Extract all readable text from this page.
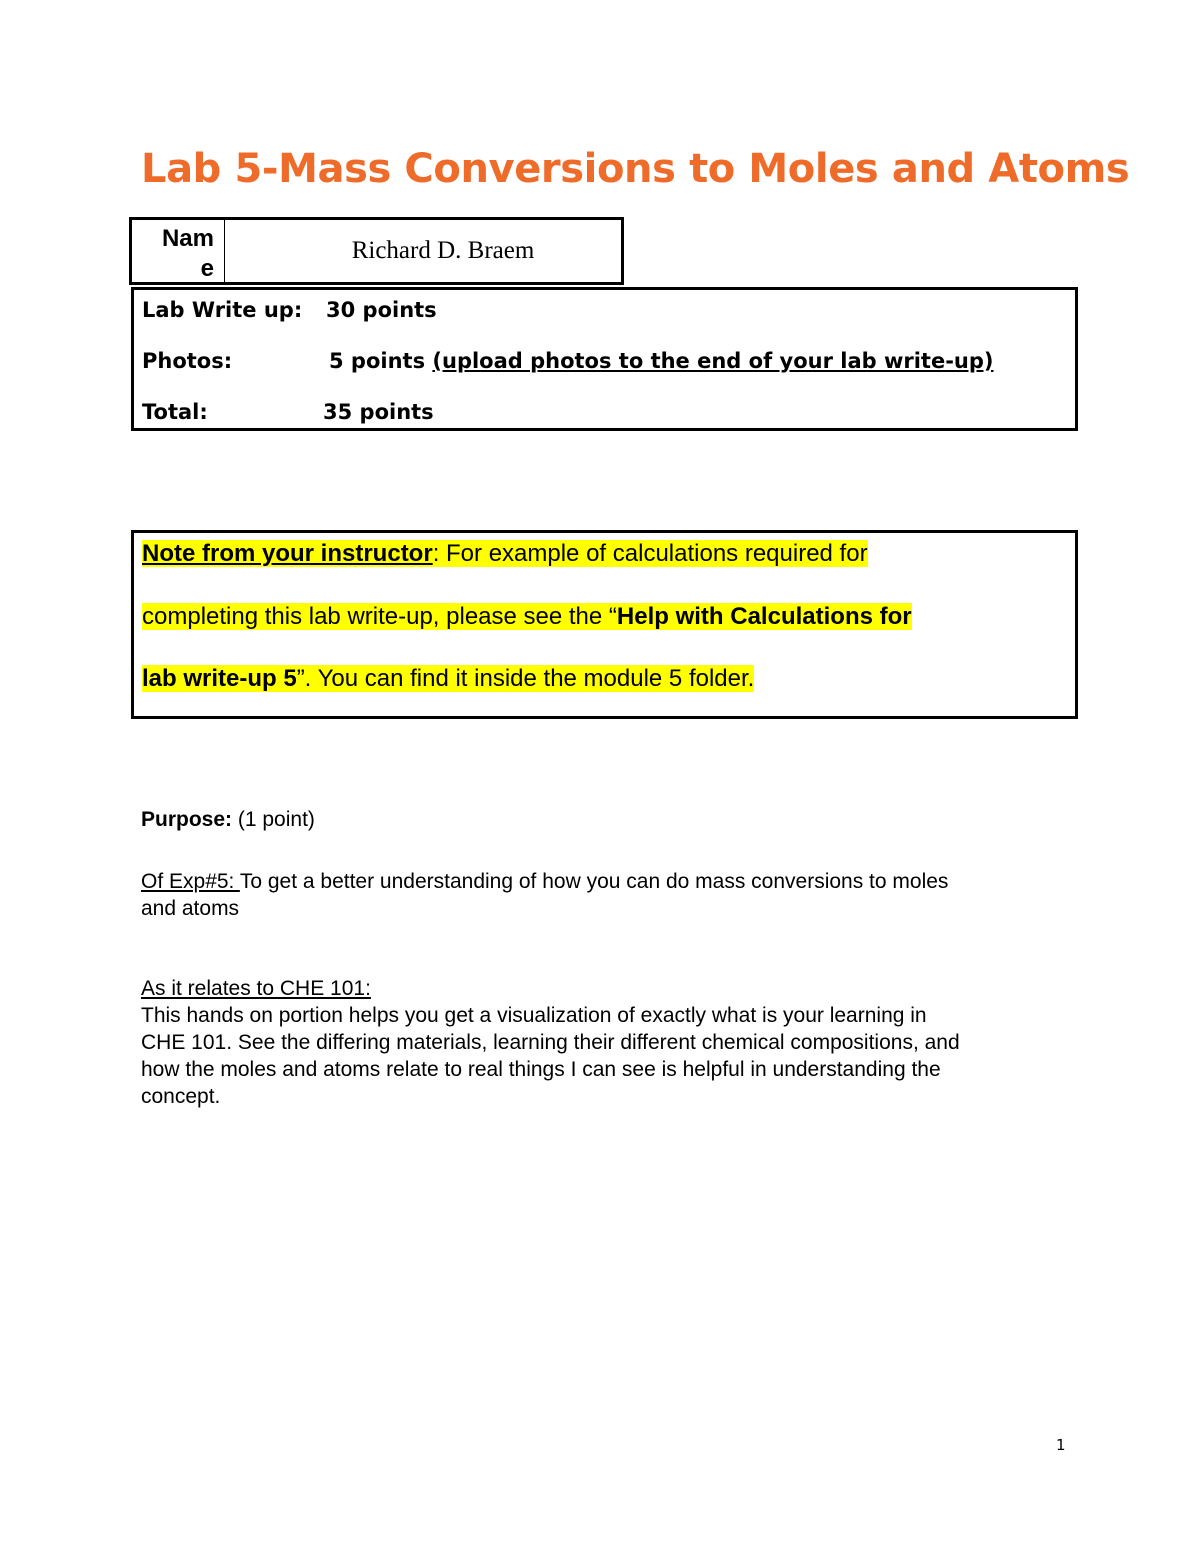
Lab 5-Mass Conversions to Moles and Atoms
Nam
e
Richard D. Braem
Lab Write up: 30 points
Photos:	5 points (upload photos to the end of your lab write-up)
Total:	35 points
Note from your instructor: For example of calculations required for
completing this lab write-up, please see the “Help with Calculations for
lab write-up 5”. You can find it inside the module 5 folder.
Purpose: (1 point)
Of Exp#5: To get a better understanding of how you can do mass conversions to moles
and atoms
As it relates to CHE 101:
This hands on portion helps you get a visualization of exactly what is your learning in
CHE 101. See the differing materials, learning their different chemical compositions, and
how the moles and atoms relate to real things I can see is helpful in understanding the
concept.
1
